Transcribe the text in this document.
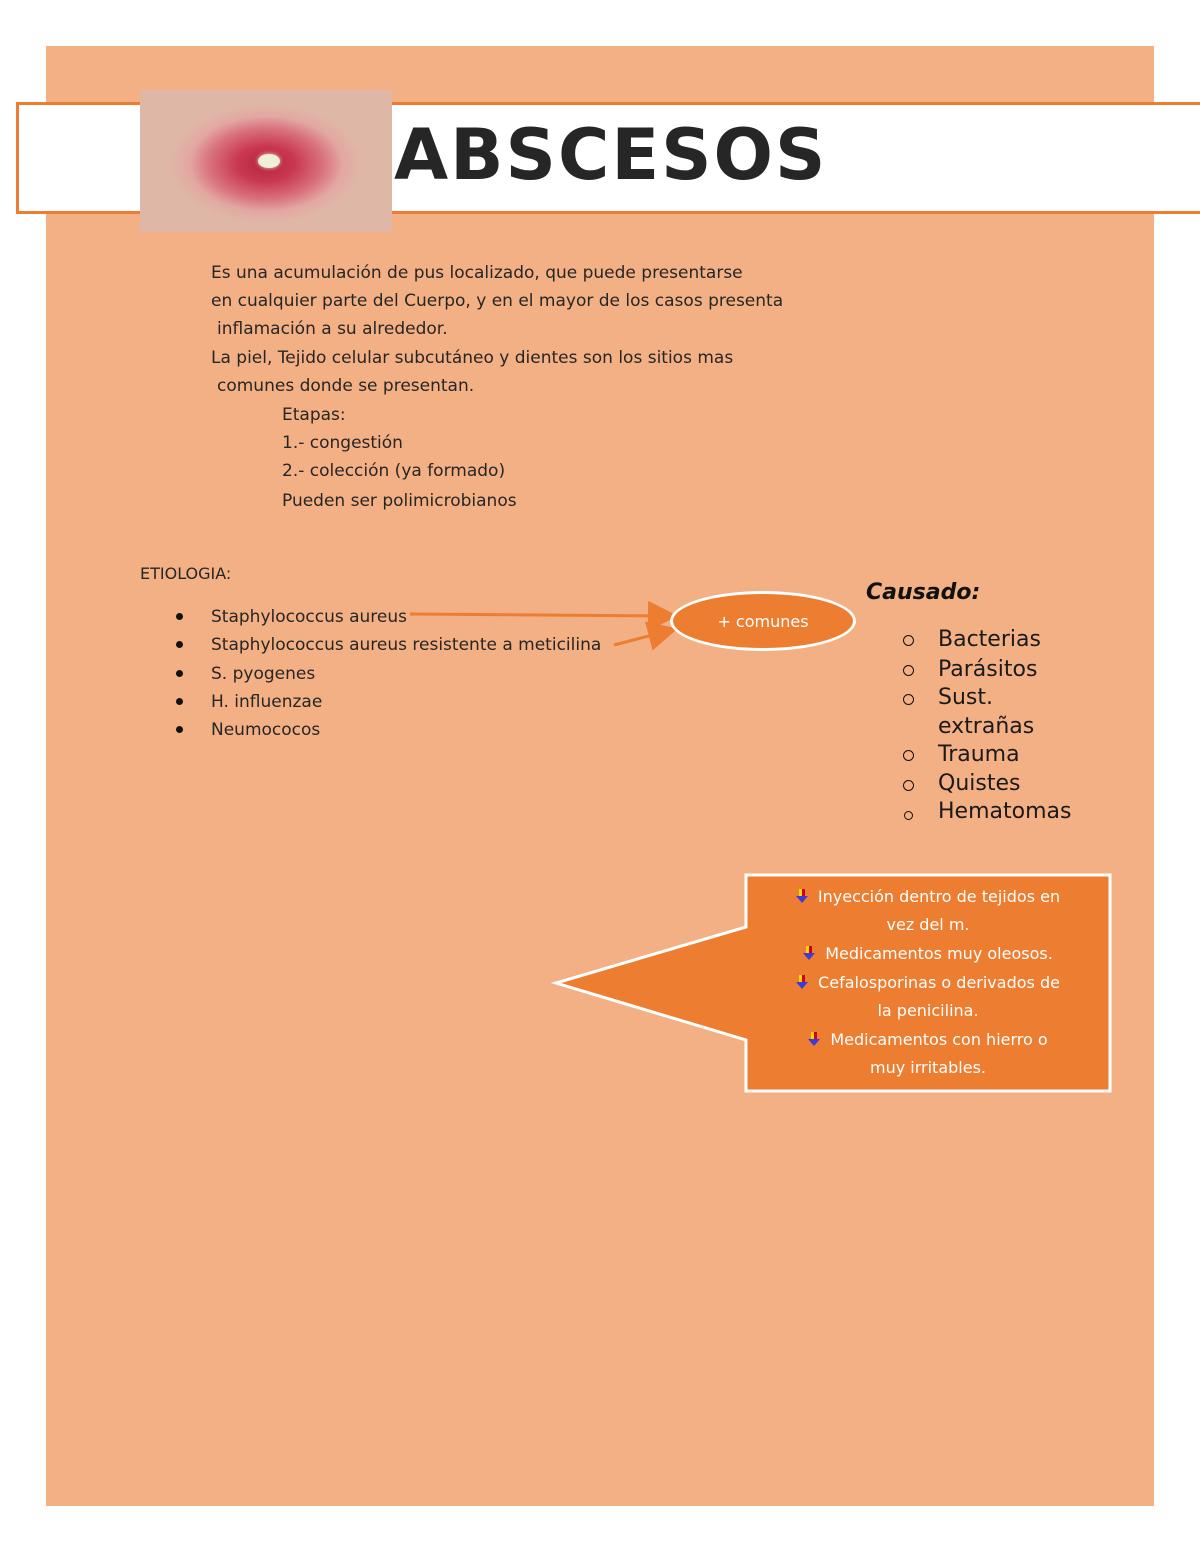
ABSCESOS
Es una acumulación de pus localizado, que puede presentarse
en cualquier parte del Cuerpo, y en el mayor de los casos presenta
inflamación a su alrededor.
La piel, Tejido celular subcutáneo y dientes son los sitios mas
comunes donde se presentan.
Etapas:
1.- congestión
2.- colección (ya formado)
Pueden ser polimicrobianos
ETIOLOGIA:
Staphylococcus aureus
Staphylococcus aureus resistente a meticilina
S. pyogenes
H. influenzae
Neumococos
+ comunes
Causado:
Bacterias
Parásitos
Sust.
extrañas
Trauma
Quistes
Hematomas
Inyección dentro de tejidos en
vez del m.
Medicamentos muy oleosos.
Cefalosporinas o derivados de
la penicilina.
Medicamentos con hierro o
muy irritables.
